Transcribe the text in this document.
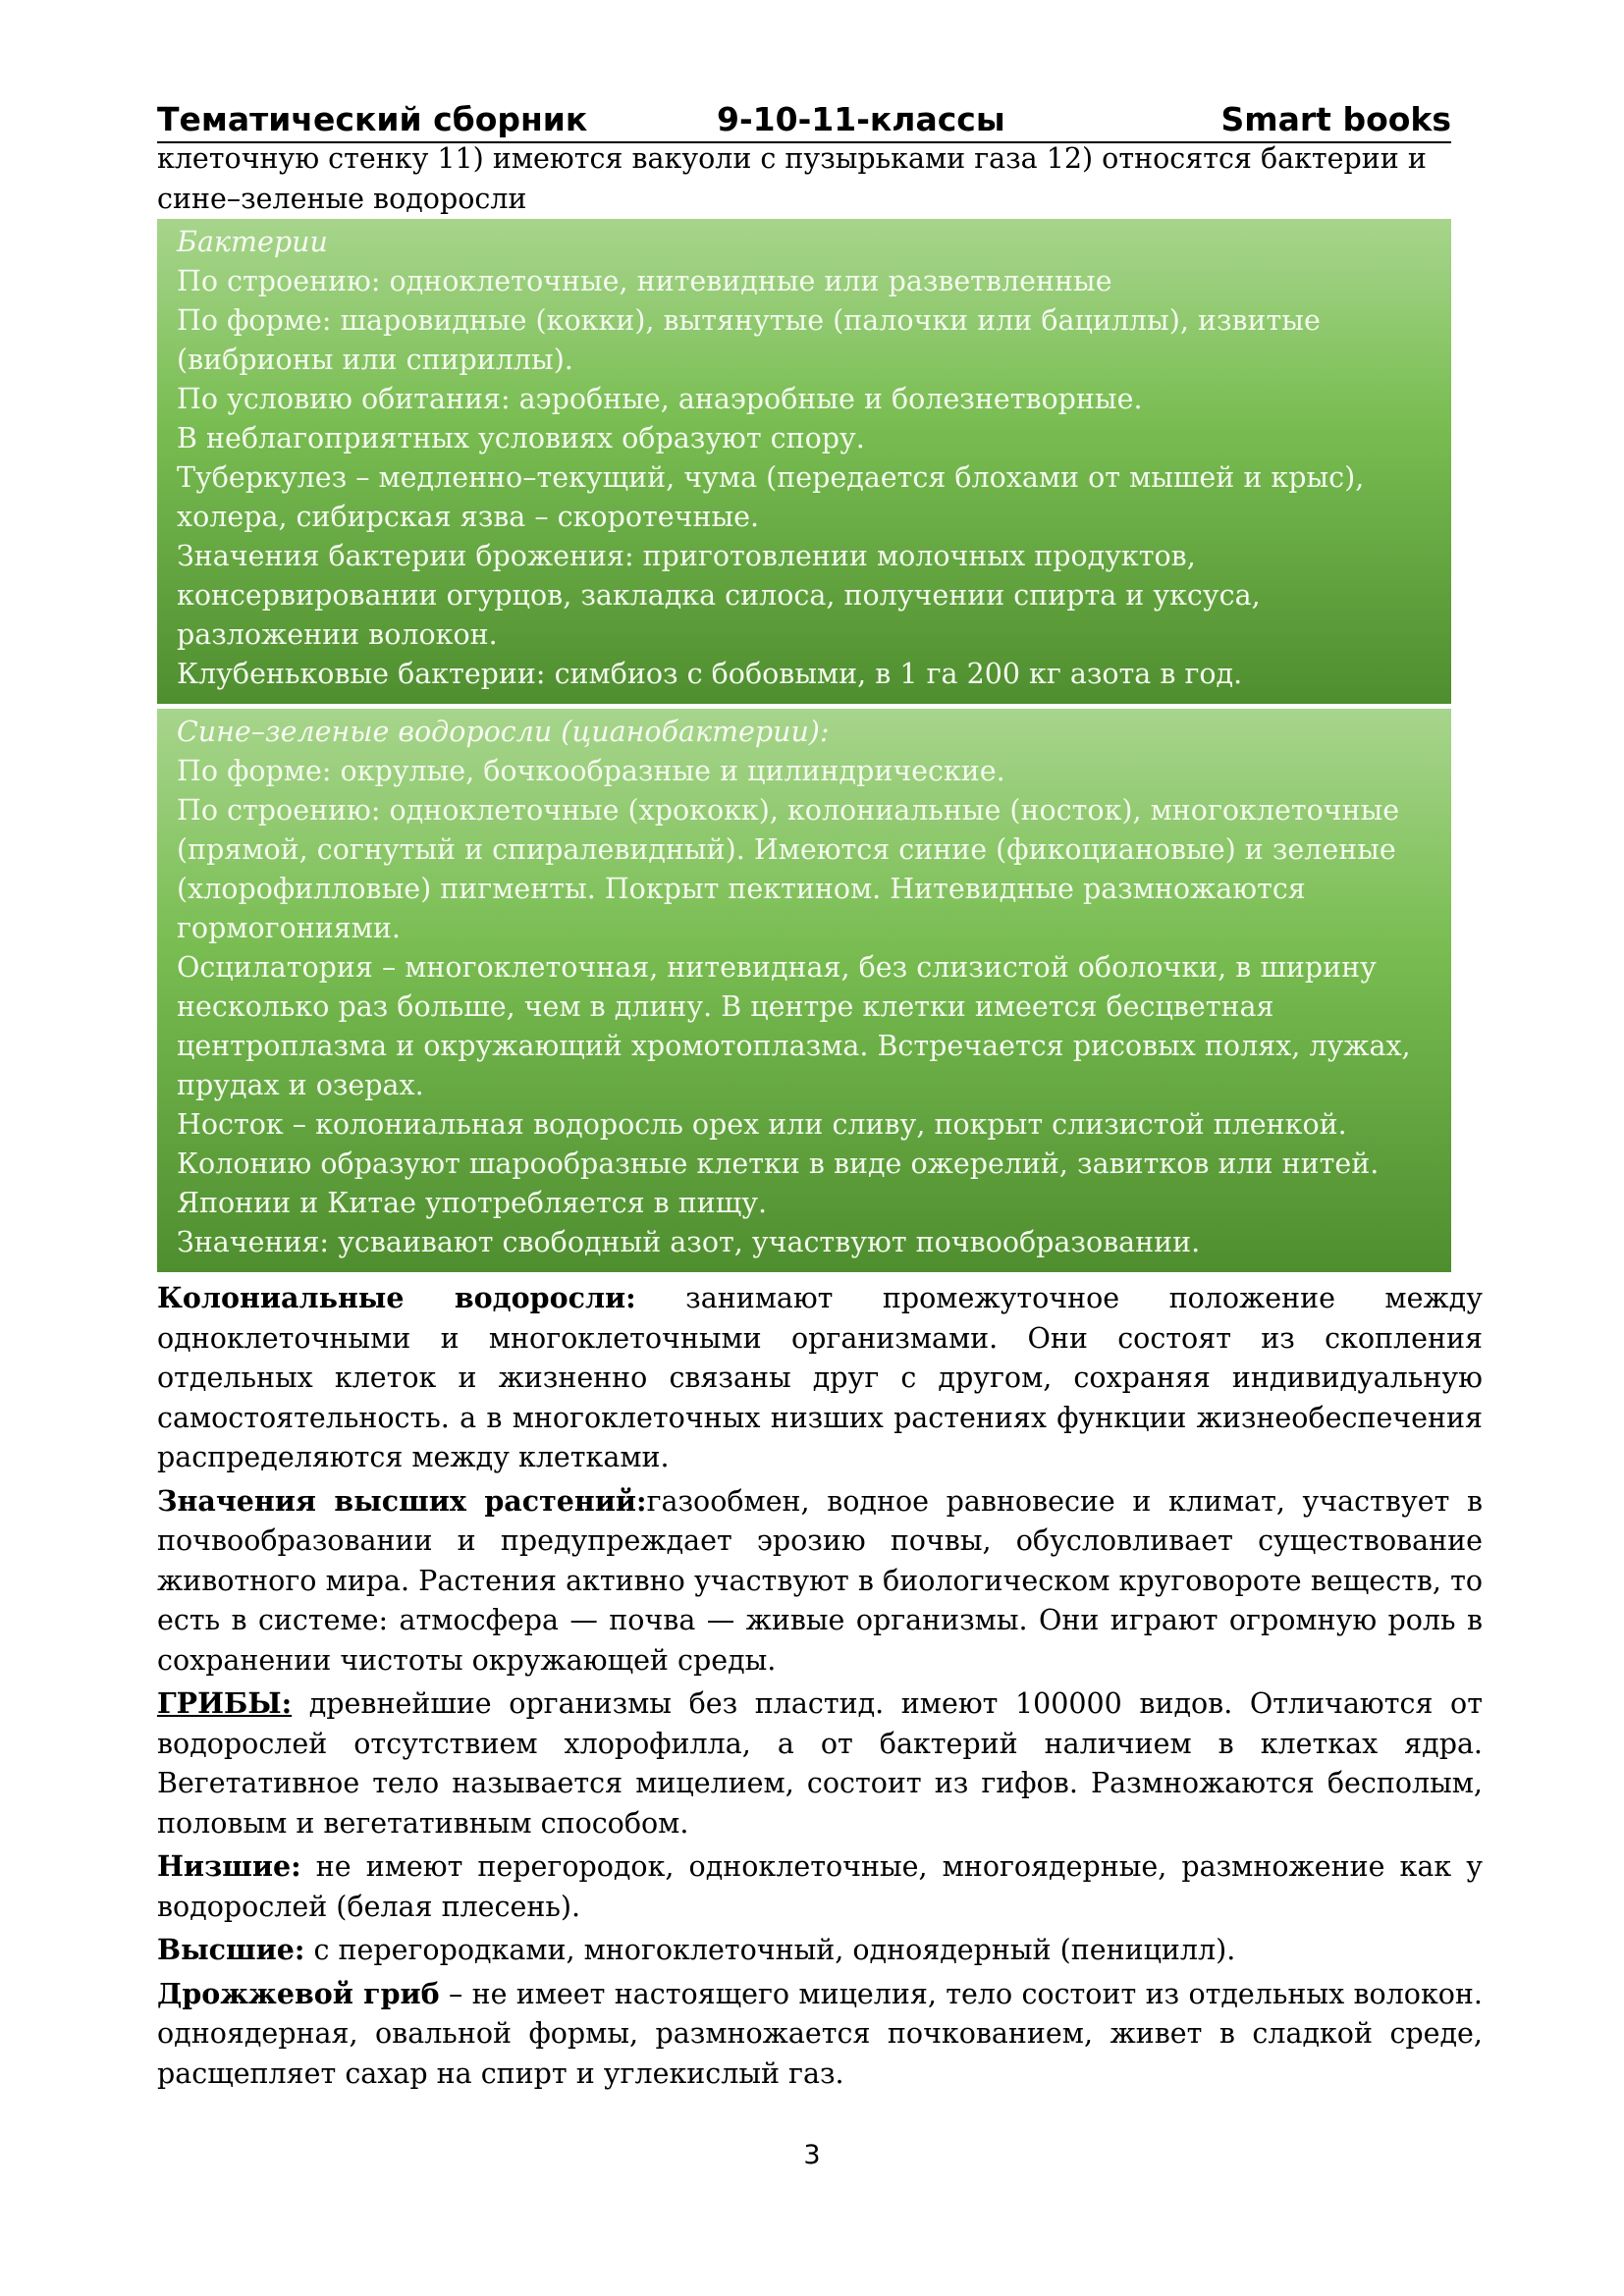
Тематический сборник	9-10-11-классы	Smart books

клеточную стенку 11) имеются вакуоли с пузырьками газа 12) относятся бактерии и сине–зеленые водоросли

Бактерии

По строению: одноклеточные, нитевидные или разветвленные

По форме: шаровидные (кокки), вытянутые (палочки или бациллы), извитые (вибрионы или спириллы).

По условию обитания: аэробные, анаэробные и болезнетворные.

В неблагоприятных условиях образуют спору.

Туберкулез – медленно–текущий, чума (передается блохами от мышей и крыс), холера, сибирская язва – скоротечные.

Значения бактерии брожения: приготовлении молочных продуктов, консервировании огурцов, закладка силоса, получении спирта и уксуса, разложении волокон.

Клубеньковые бактерии: симбиоз с бобовыми, в 1 га 200 кг азота в год.

Сине–зеленые водоросли (цианобактерии):

По форме: окрулые, бочкообразные и цилиндрические.

По строению: одноклеточные (хрококк), колониальные (носток), многоклеточные (прямой, согнутый и спиралевидный). Имеются синие (фикоциановые) и зеленые (хлорофилловые) пигменты. Покрыт пектином. Нитевидные размножаются гормогониями.

Осцилатория – многоклеточная, нитевидная, без слизистой оболочки, в ширину несколько раз больше, чем в длину. В центре клетки имеется бесцветная центроплазма и окружающий хромотоплазма. Встречается рисовых полях, лужах, прудах и озерах.

Носток – колониальная водоросль орех или сливу, покрыт слизистой пленкой. Колонию образуют шарообразные клетки в виде ожерелий, завитков или нитей. Японии и Китае употребляется в пищу.

Значения: усваивают свободный азот, участвуют почвообразовании.

Колониальные водоросли: занимают промежуточное положение между одноклеточными и многоклеточными организмами. Они состоят из скопления отдельных клеток и жизненно связаны друг с другом, сохраняя индивидуальную самостоятельность. а в многоклеточных низших растениях функции жизнеобеспечения распределяются между клетками.

Значения высших растений:газообмен, водное равновесие и климат, участвует в почвообразовании и предупреждает эрозию почвы, обусловливает существование животного мира. Растения активно участвуют в биологическом круговороте веществ, то есть в системе: атмосфера — почва — живые организмы. Они играют огромную роль в сохранении чистоты окружающей среды.

ГРИБЫ: древнейшие организмы без пластид. имеют 100000 видов. Отличаются от водорослей отсутствием хлорофилла, а от бактерий наличием в клетках ядра. Вегетативное тело называется мицелием, состоит из гифов. Размножаются бесполым, половым и вегетативным способом.

Низшие: не имеют перегородок, одноклеточные, многоядерные, размножение как у водорослей (белая плесень).

Высшие: с перегородками, многоклеточный, одноядерный (пеницилл).

Дрожжевой гриб – не имеет настоящего мицелия, тело состоит из отдельных волокон. одноядерная, овальной формы, размножается почкованием, живет в сладкой среде, расщепляет сахар на спирт и углекислый газ.

3
